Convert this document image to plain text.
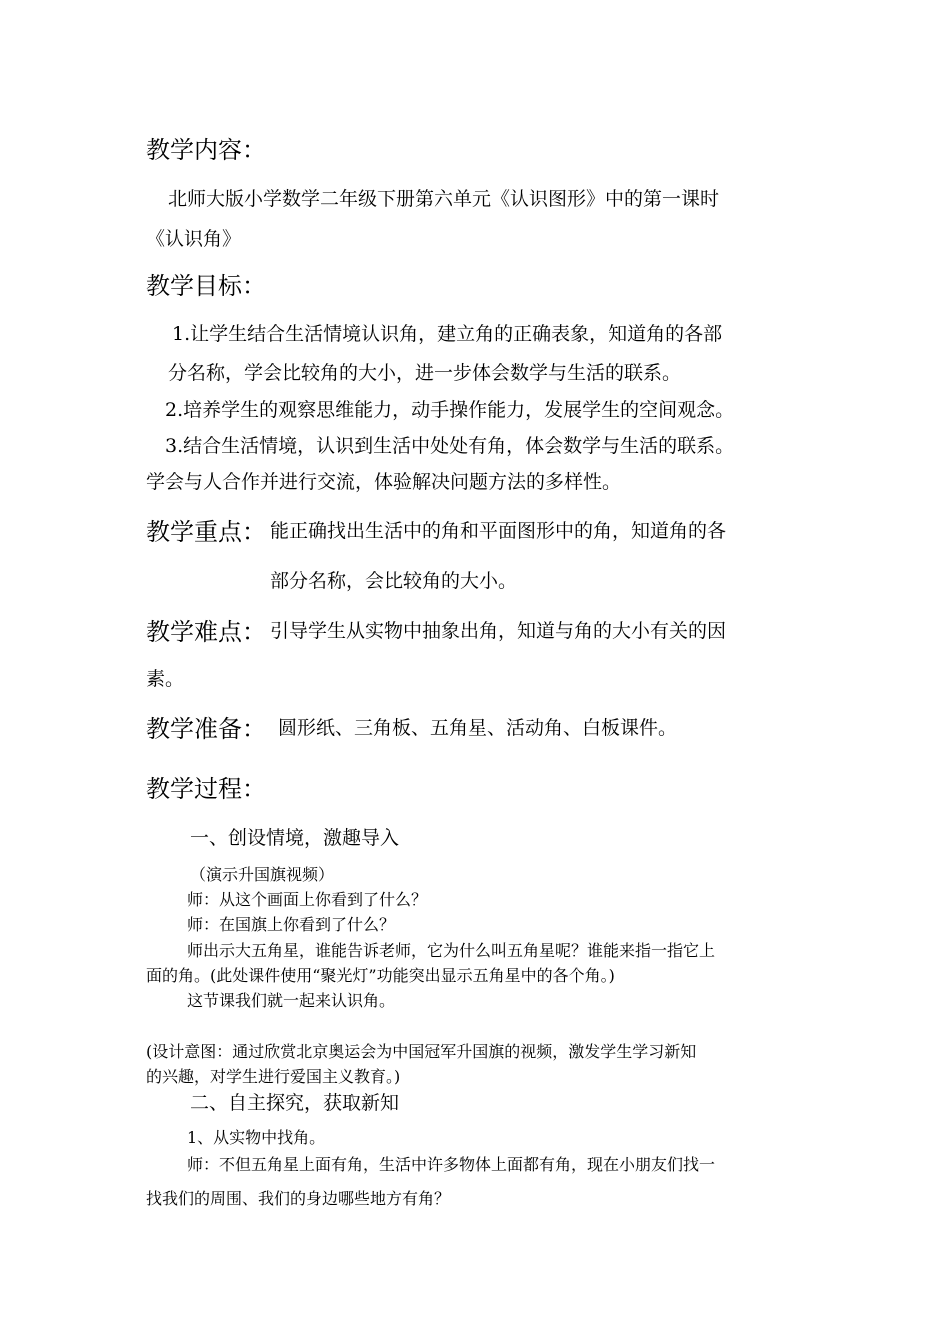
教学内容：

北师大版小学数学二年级下册第六单元《认识图形》中的第一课时

《认识角》

教学目标：

1.让学生结合生活情境认识角，建立角的正确表象，知道角的各部

分名称，学会比较角的大小，进一步体会数学与生活的联系。

2.培养学生的观察思维能力，动手操作能力，发展学生的空间观念。

3.结合生活情境，认识到生活中处处有角，体会数学与生活的联系。

学会与人合作并进行交流，体验解决问题方法的多样性。

教学重点： 能正确找出生活中的角和平面图形中的角，知道角的各

部分名称，会比较角的大小。

教学难点： 引导学生从实物中抽象出角，知道与角的大小有关的因

素。

教学准备： 圆形纸、三角板、五角星、活动角、白板课件。

教学过程：

一、创设情境，激趣导入

（演示升国旗视频）

师：从这个画面上你看到了什么？

师：在国旗上你看到了什么？

师出示大五角星，谁能告诉老师，它为什么叫五角星呢？谁能来指一指它上

面的角。(此处课件使用“聚光灯”功能突出显示五角星中的各个角。)

这节课我们就一起来认识角。

(设计意图：通过欣赏北京奥运会为中国冠军升国旗的视频，激发学生学习新知

的兴趣，对学生进行爱国主义教育。)

二、自主探究，获取新知

1、从实物中找角。

师：不但五角星上面有角，生活中许多物体上面都有角，现在小朋友们找一

找我们的周围、我们的身边哪些地方有角？
